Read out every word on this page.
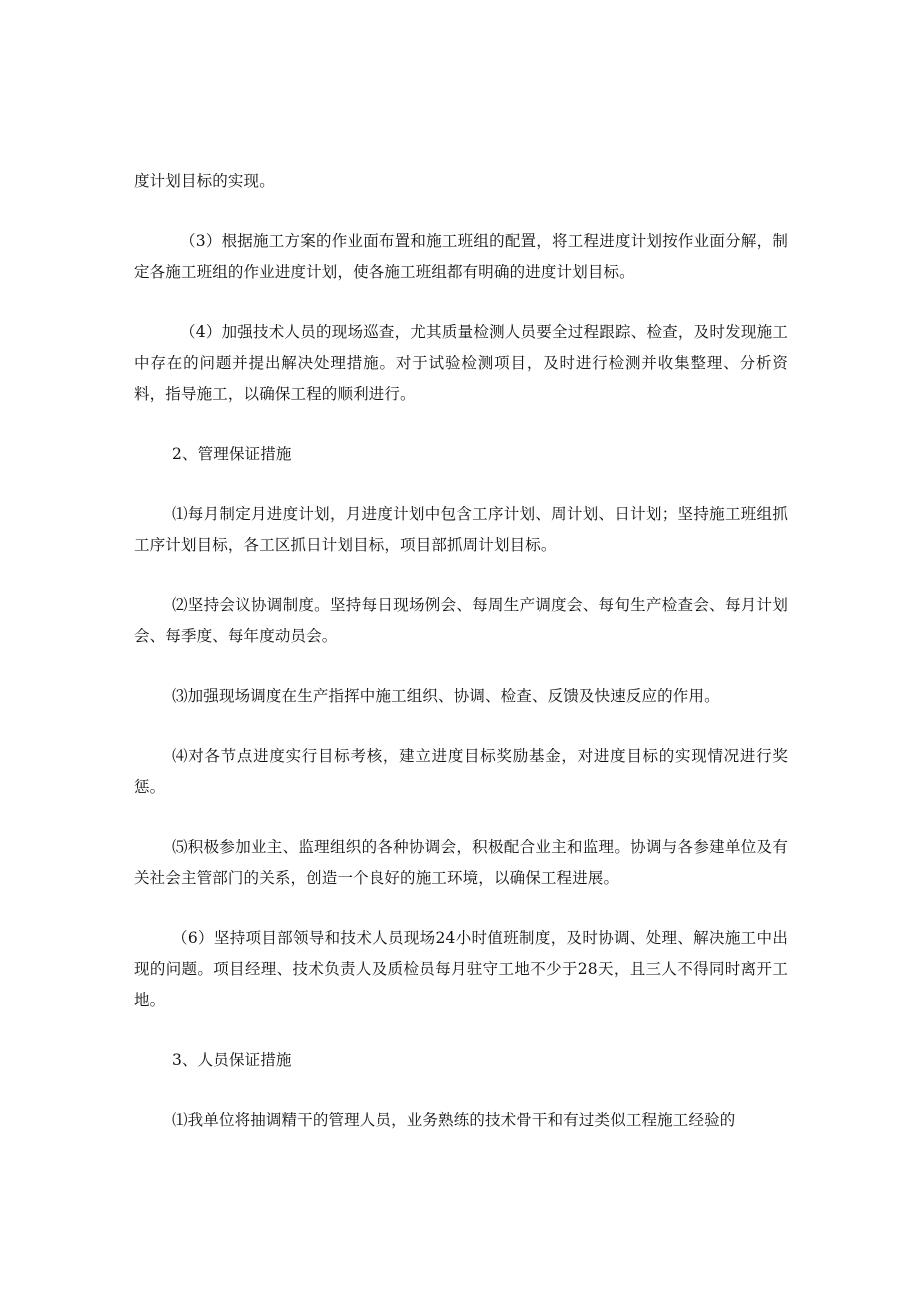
度计划目标的实现。

（3）根据施工方案的作业面布置和施工班组的配置，将工程进度计划按作业面分解，制定各施工班组的作业进度计划，使各施工班组都有明确的进度计划目标。

（4）加强技术人员的现场巡查，尤其质量检测人员要全过程跟踪、检查，及时发现施工中存在的问题并提出解决处理措施。对于试验检测项目，及时进行检测并收集整理、分析资料，指导施工，以确保工程的顺利进行。

2、管理保证措施

⑴每月制定月进度计划，月进度计划中包含工序计划、周计划、日计划；坚持施工班组抓工序计划目标，各工区抓日计划目标，项目部抓周计划目标。

⑵坚持会议协调制度。坚持每日现场例会、每周生产调度会、每旬生产检查会、每月计划会、每季度、每年度动员会。

⑶加强现场调度在生产指挥中施工组织、协调、检查、反馈及快速反应的作用。

⑷对各节点进度实行目标考核，建立进度目标奖励基金，对进度目标的实现情况进行奖惩。

⑸积极参加业主、监理组织的各种协调会，积极配合业主和监理。协调与各参建单位及有关社会主管部门的关系，创造一个良好的施工环境，以确保工程进展。

（6）坚持项目部领导和技术人员现场24小时值班制度，及时协调、处理、解决施工中出现的问题。项目经理、技术负责人及质检员每月驻守工地不少于28天，且三人不得同时离开工地。

3、人员保证措施

⑴我单位将抽调精干的管理人员，业务熟练的技术骨干和有过类似工程施工经验的
